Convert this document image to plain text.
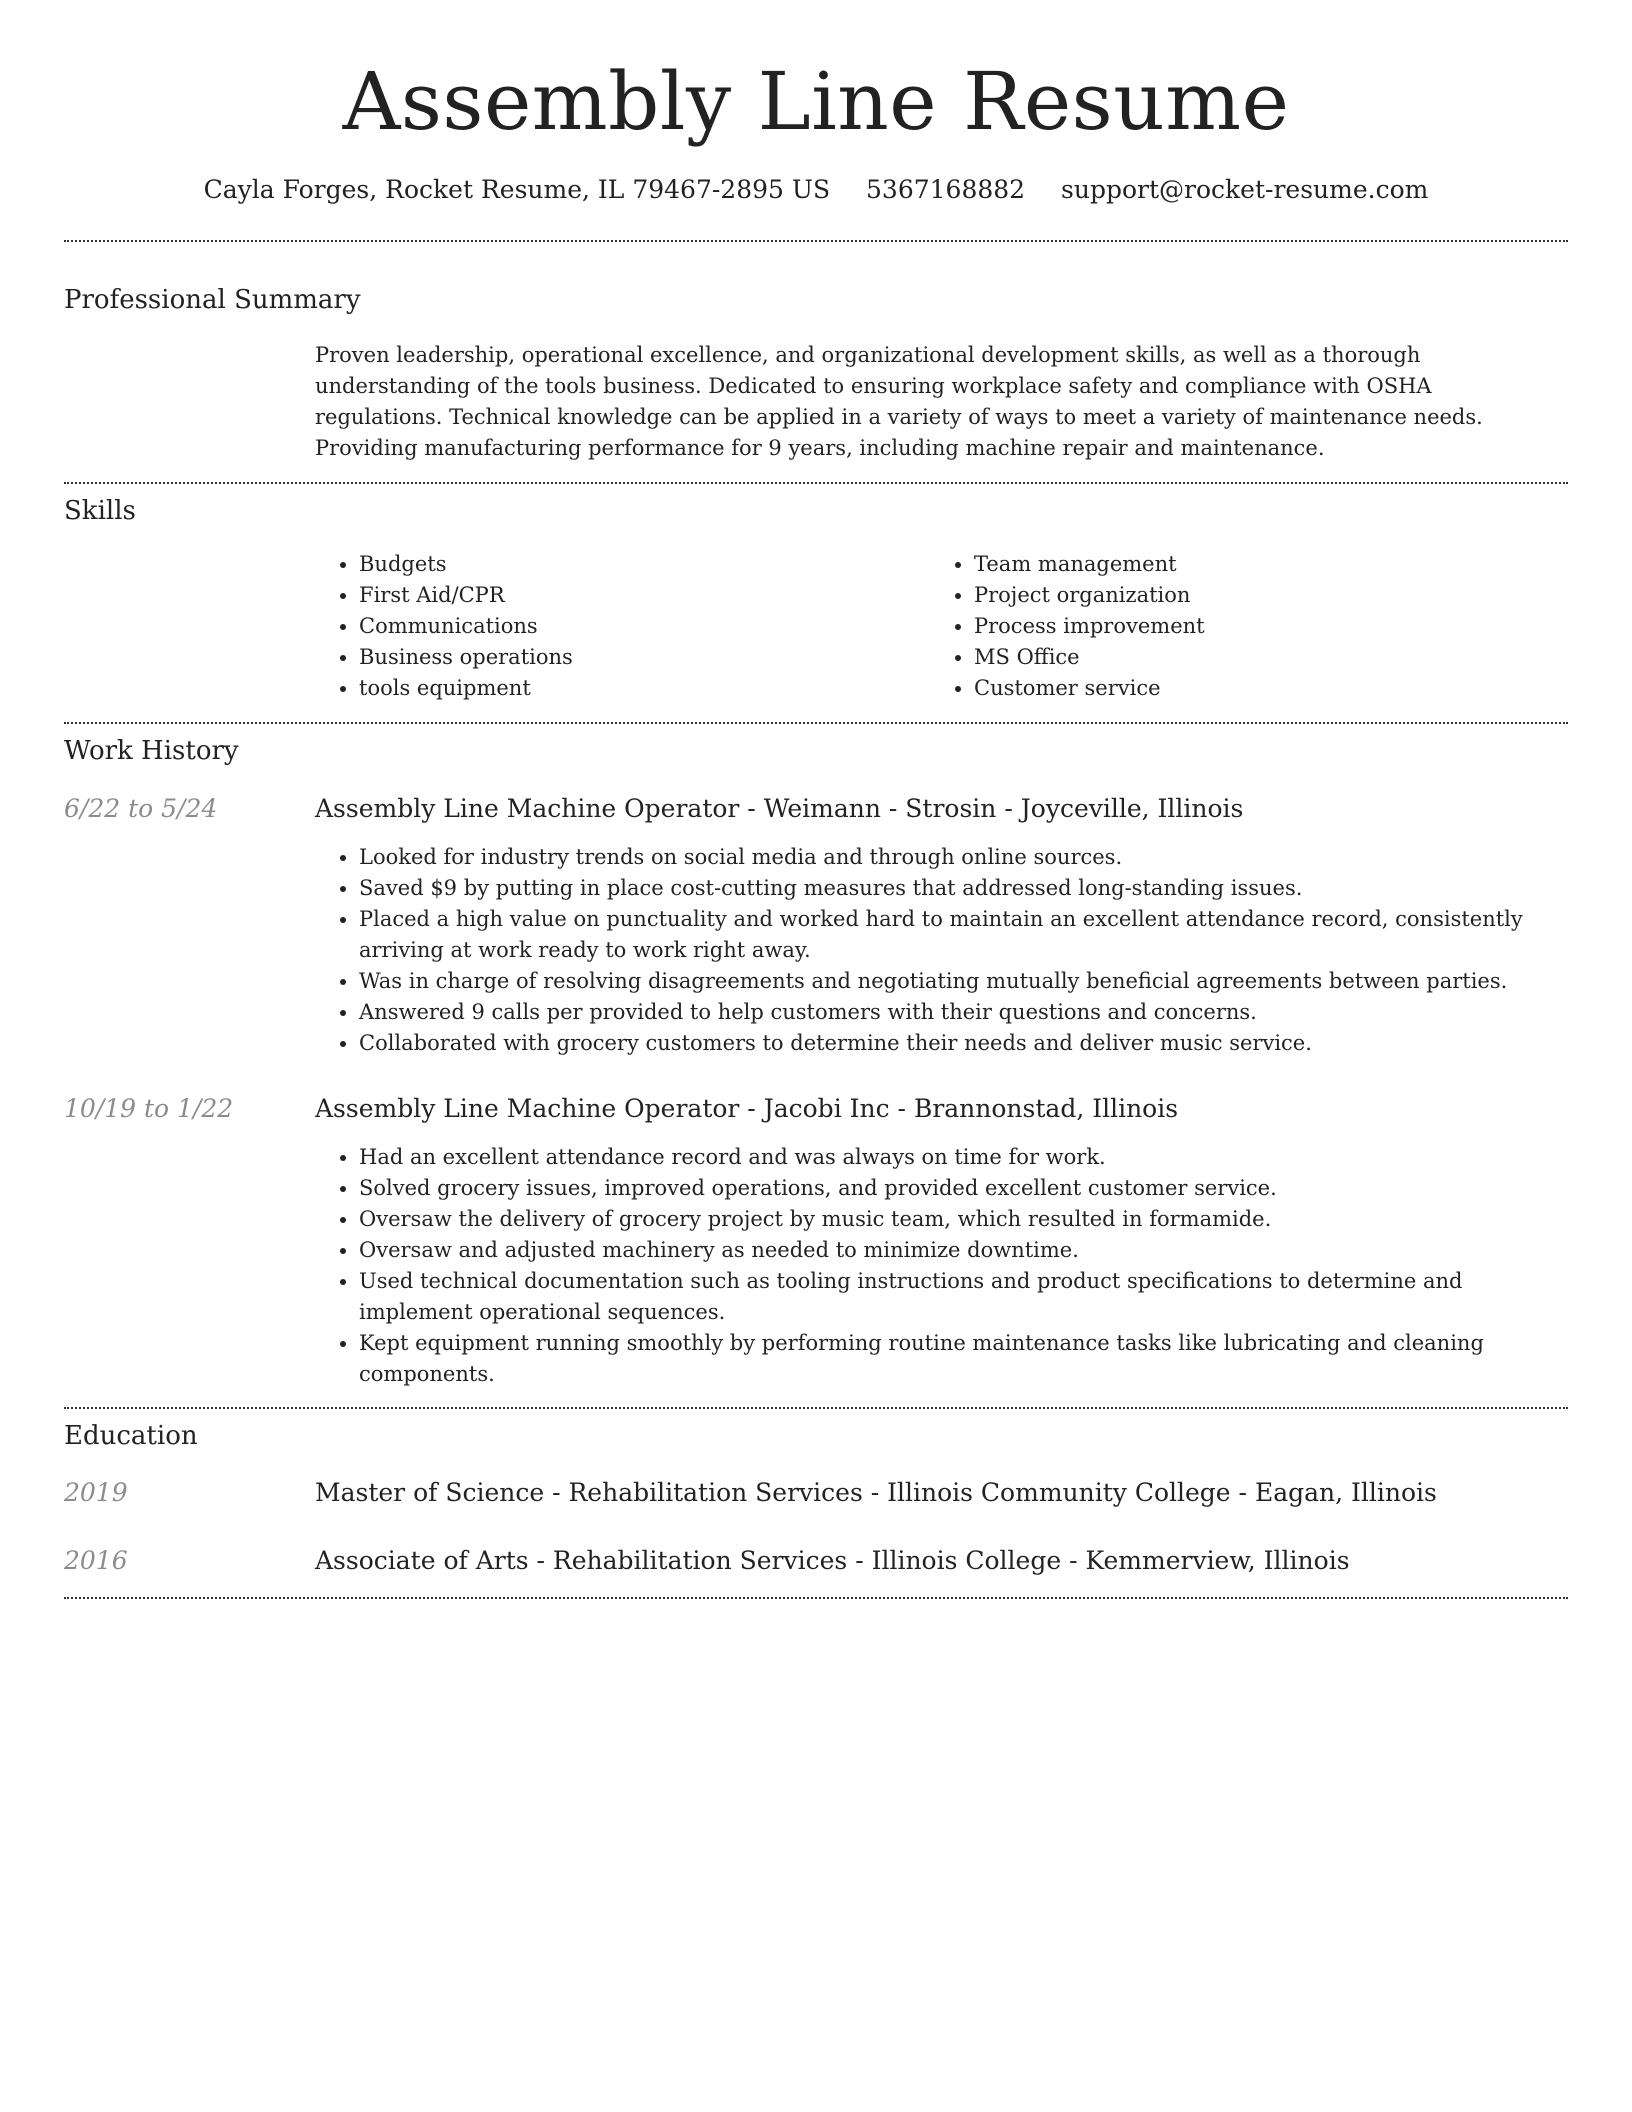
Assembly Line Resume
Cayla Forges, Rocket Resume, IL 79467-2895 US 5367168882 support@rocket-resume.com
Professional Summary
Proven leadership, operational excellence, and organizational development skills, as well as a thorough understanding of the tools business. Dedicated to ensuring workplace safety and compliance with OSHA regulations. Technical knowledge can be applied in a variety of ways to meet a variety of maintenance needs. Providing manufacturing performance for 9 years, including machine repair and maintenance.
Skills
• Budgets
• First Aid/CPR
• Communications
• Business operations
• tools equipment
• Team management
• Project organization
• Process improvement
• MS Office
• Customer service
Work History
6/22 to 5/24	Assembly Line Machine Operator - Weimann - Strosin - Joyceville, Illinois
• Looked for industry trends on social media and through online sources.
• Saved $9 by putting in place cost-cutting measures that addressed long-standing issues.
• Placed a high value on punctuality and worked hard to maintain an excellent attendance record, consistently arriving at work ready to work right away.
• Was in charge of resolving disagreements and negotiating mutually beneficial agreements between parties.
• Answered 9 calls per provided to help customers with their questions and concerns.
• Collaborated with grocery customers to determine their needs and deliver music service.
10/19 to 1/22	Assembly Line Machine Operator - Jacobi Inc - Brannonstad, Illinois
• Had an excellent attendance record and was always on time for work.
• Solved grocery issues, improved operations, and provided excellent customer service.
• Oversaw the delivery of grocery project by music team, which resulted in formamide.
• Oversaw and adjusted machinery as needed to minimize downtime.
• Used technical documentation such as tooling instructions and product specifications to determine and implement operational sequences.
• Kept equipment running smoothly by performing routine maintenance tasks like lubricating and cleaning components.
Education
2019	Master of Science - Rehabilitation Services - Illinois Community College - Eagan, Illinois
2016	Associate of Arts - Rehabilitation Services - Illinois College - Kemmerview, Illinois
